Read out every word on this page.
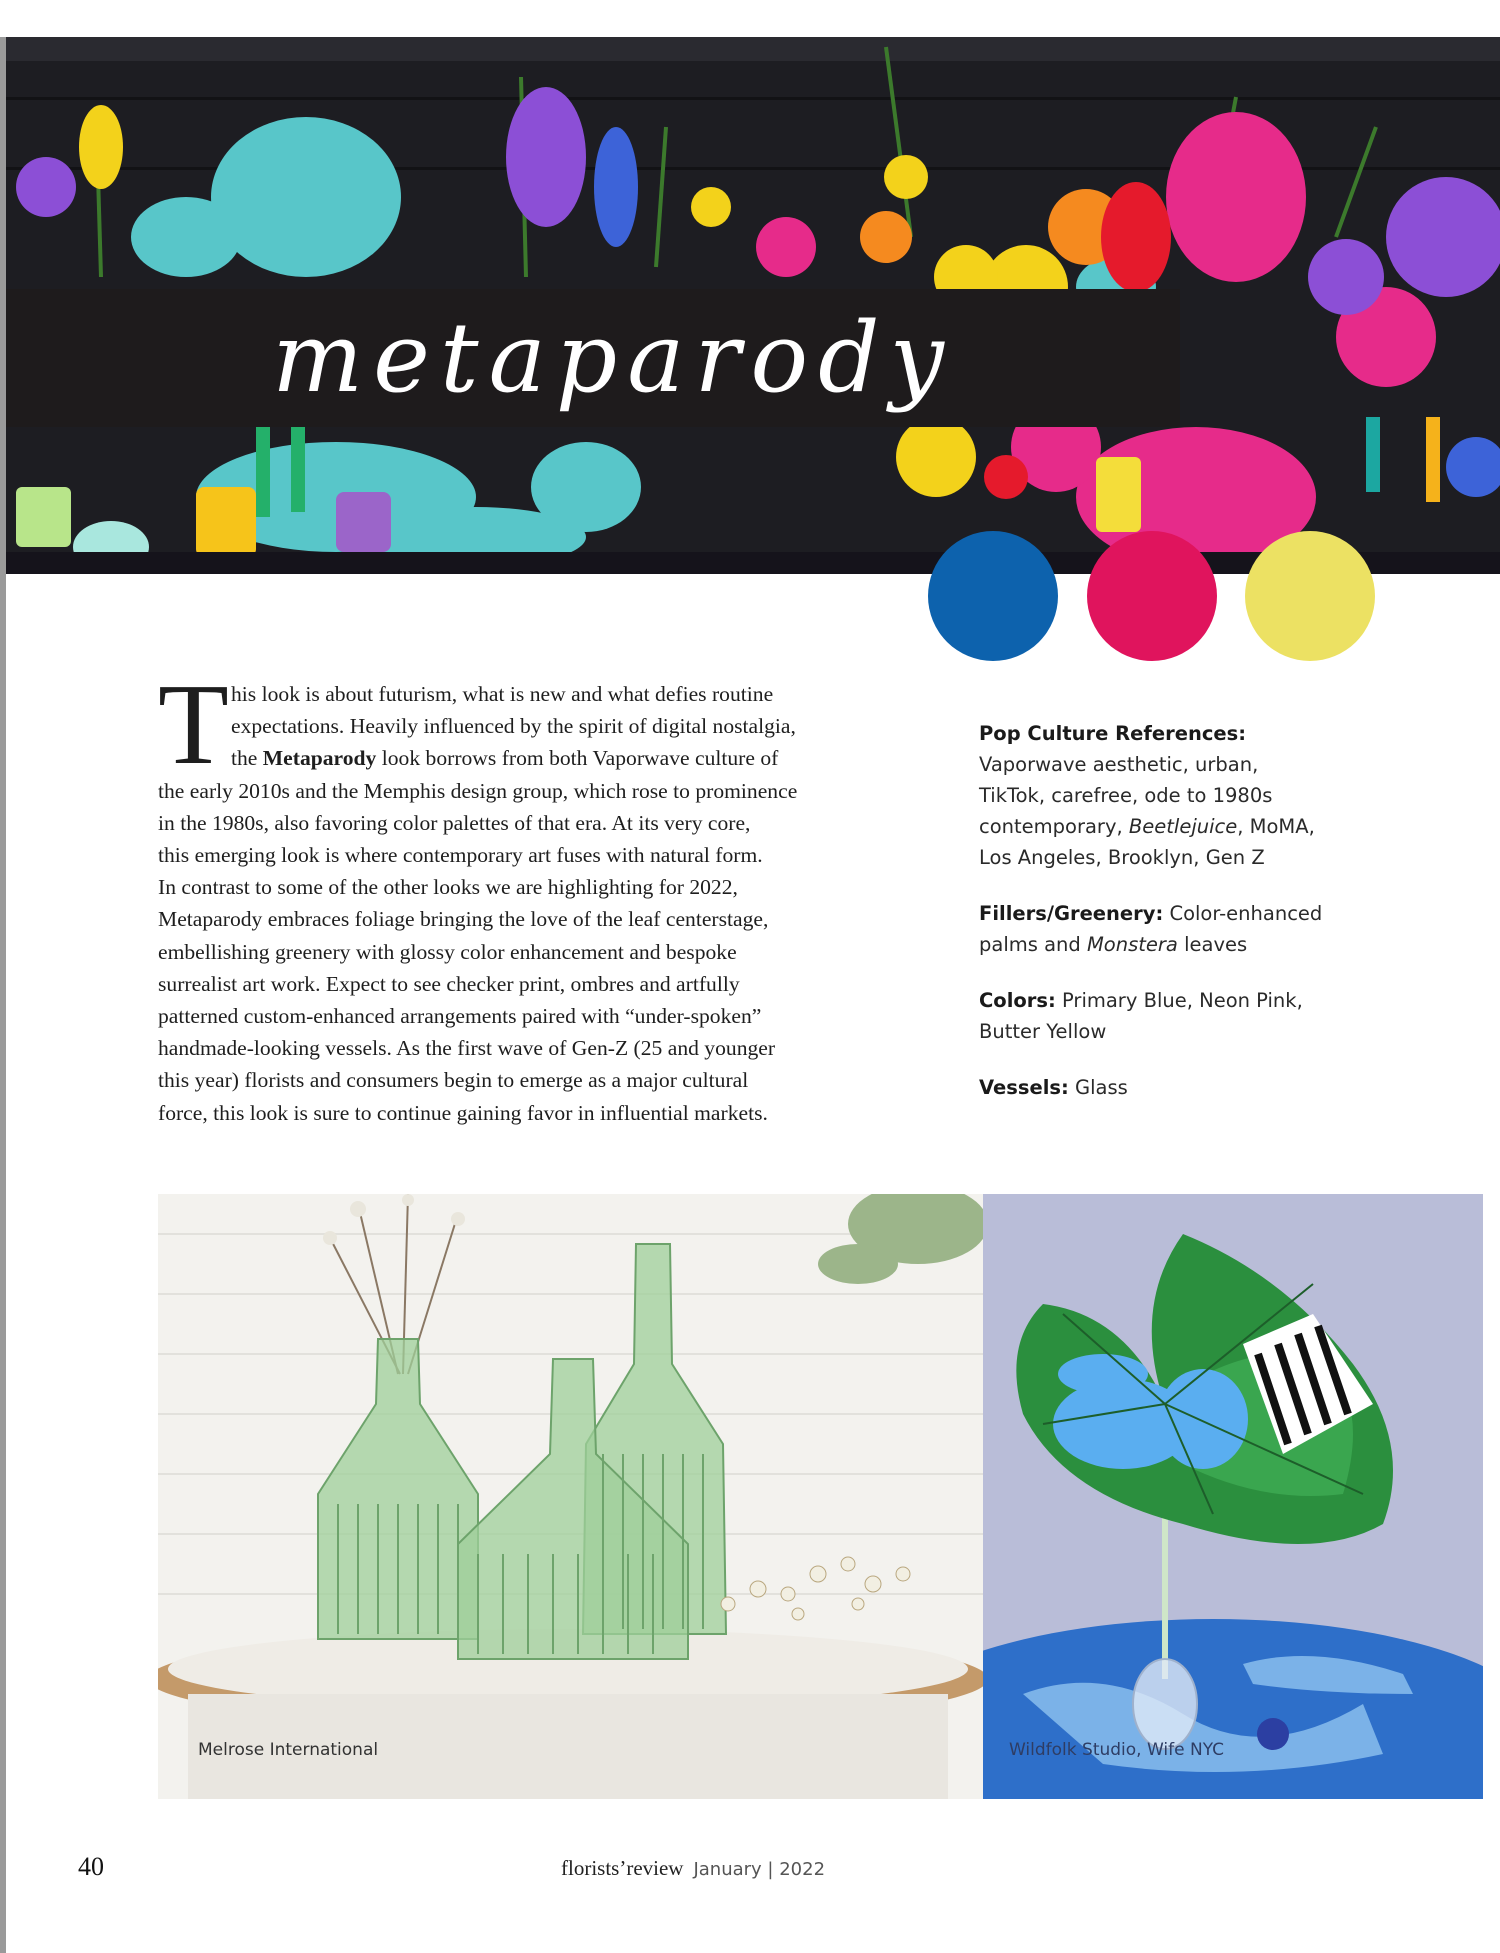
metaparody
T his look is about futurism, what is new and what defies routine
expectations. Heavily influenced by the spirit of digital nostalgia,
the Metaparody look borrows from both Vaporwave culture of
the early 2010s and the Memphis design group, which rose to prominence
in the 1980s, also favoring color palettes of that era. At its very core,
this emerging look is where contemporary art fuses with natural form.
In contrast to some of the other looks we are highlighting for 2022,
Metaparody embraces foliage bringing the love of the leaf centerstage,
embellishing greenery with glossy color enhancement and bespoke
surrealist art work. Expect to see checker print, ombres and artfully
patterned custom-enhanced arrangements paired with “under-spoken”
handmade-looking vessels. As the first wave of Gen-Z (25 and younger
this year) florists and consumers begin to emerge as a major cultural
force, this look is sure to continue gaining favor in influential markets.
Pop Culture References:
Vaporwave aesthetic, urban,
TikTok, carefree, ode to 1980s
contemporary, Beetlejuice, MoMA,
Los Angeles, Brooklyn, Gen Z
Fillers/Greenery: Color-enhanced
palms and Monstera leaves
Colors: Primary Blue, Neon Pink,
Butter Yellow
Vessels: Glass
Melrose International	Wildfolk Studio, Wife NYC
40	florists’review January | 2022
